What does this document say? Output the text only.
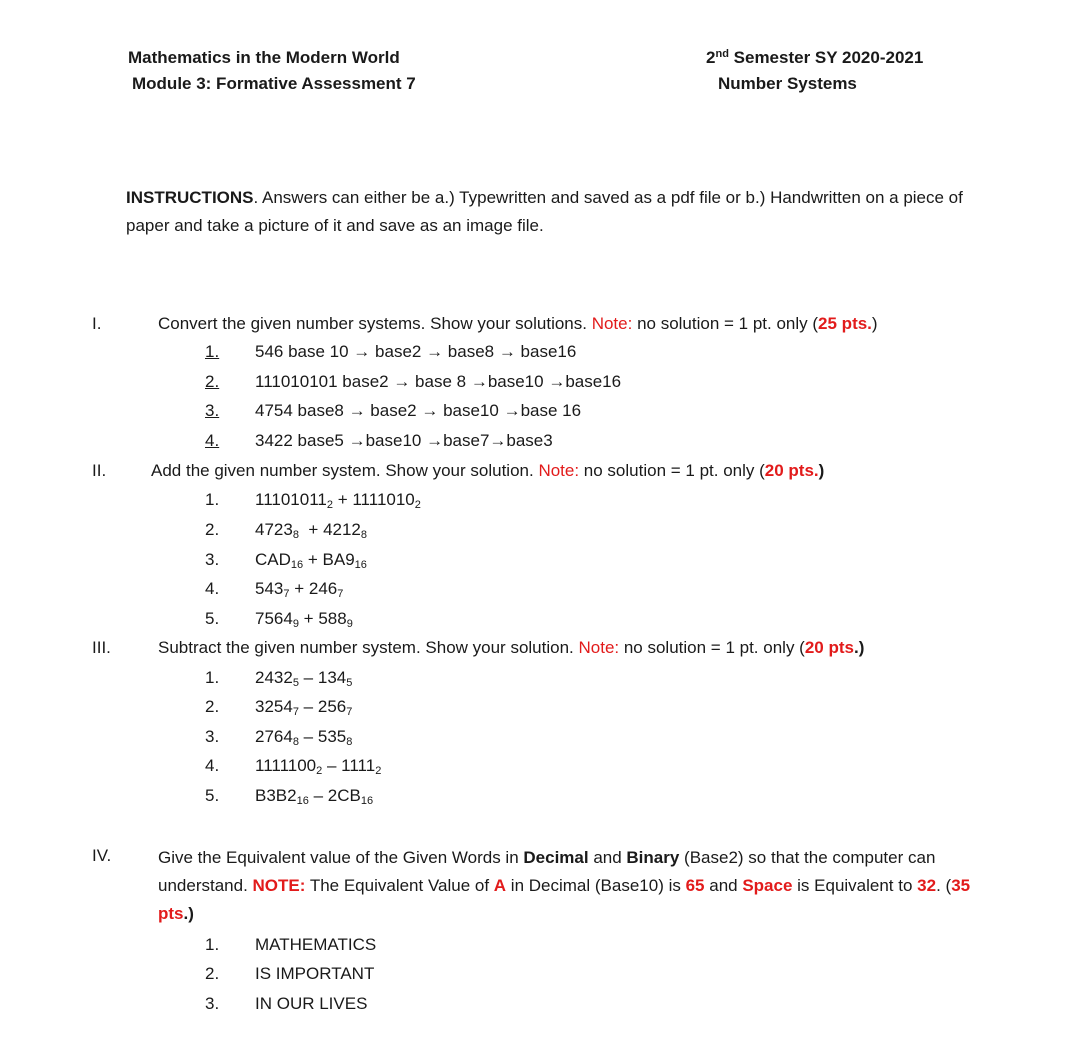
Mathematics in the Modern World
Module 3: Formative Assessment 7
2nd Semester SY 2020-2021
Number Systems
INSTRUCTIONS. Answers can either be a.) Typewritten and saved as a pdf file or b.) Handwritten on a piece of paper and take a picture of it and save as an image file.
I.	Convert the given number systems. Show your solutions. Note: no solution = 1 pt. only (25 pts.)
1. 546 base 10 → base2 → base8 → base16
2. 111010101 base2 → base 8 →base10 →base16
3. 4754 base8 → base2 → base10 →base 16
4. 3422 base5 →base10 →base7→base3
II.	Add the given number system. Show your solution. Note: no solution = 1 pt. only (20 pts.)
1. $11101011_2 + 1111010_2$
2. $4723_8 + 4212_8$
3. $CAD_{16} + BA9_{16}$
4. $543_7 + 246_7$
5. $7564_9 + 588_9$
III.	Subtract the given number system. Show your solution. Note: no solution = 1 pt. only (20 pts.)
1. $2432_5 - 134_5$
2. $3254_7 - 256_7$
3. $2764_8 - 535_8$
4. $1111100_2 - 1111_2$
5. $B3B2_{16} - 2CB_{16}$
IV.	Give the Equivalent value of the Given Words in Decimal and Binary (Base2) so that the computer can understand. NOTE: The Equivalent Value of A in Decimal (Base10) is 65 and Space is Equivalent to 32. (35 pts.)
1. MATHEMATICS
2. IS IMPORTANT
3. IN OUR LIVES
